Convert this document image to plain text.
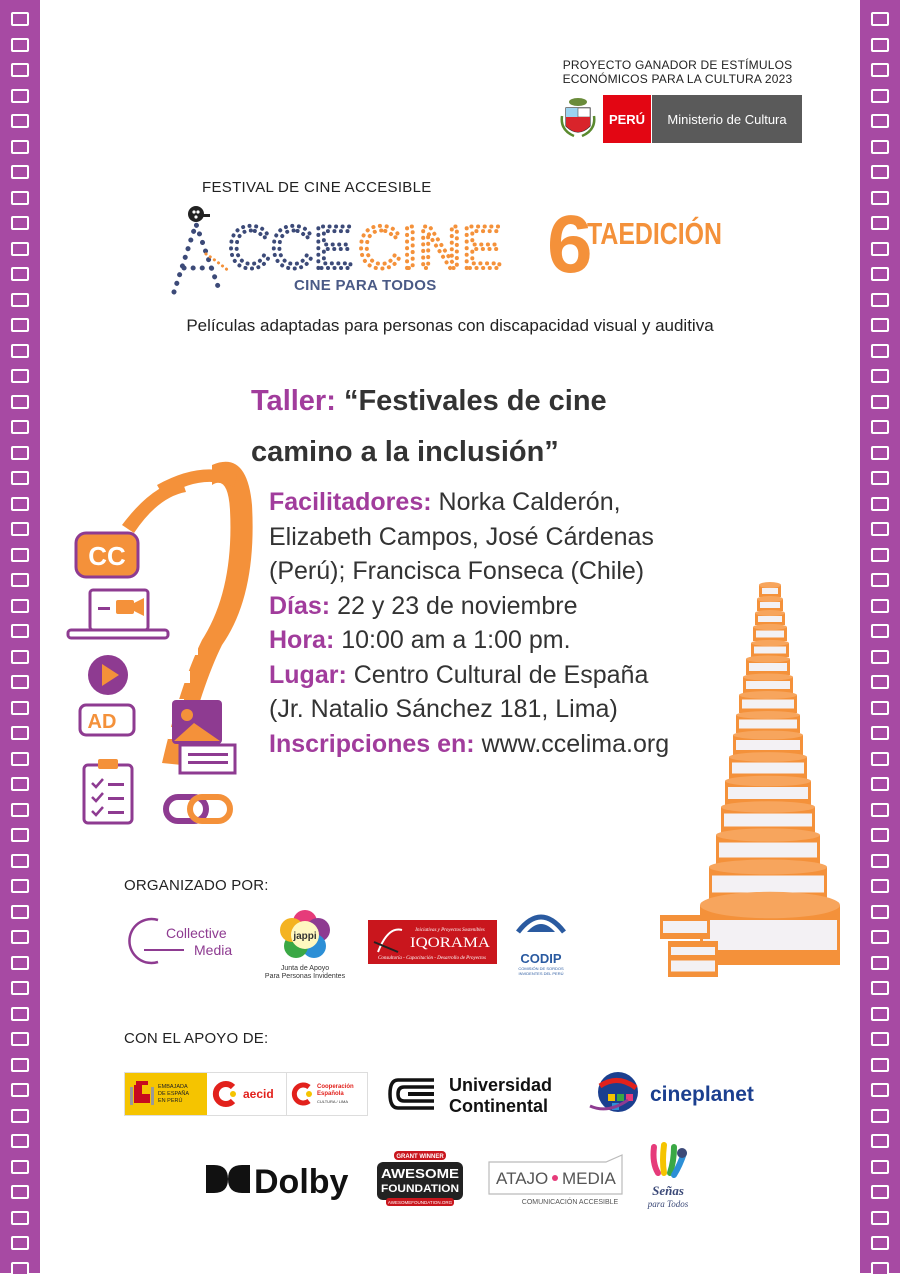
PROYECTO GANADOR DE ESTÍMULOS
ECONÓMICOS PARA LA CULTURA 2023
PERÚ	Ministerio de Cultura
FESTIVAL DE CINE ACCESIBLE
CCE CINE
CINE PARA TODOS 6
TAEDICIÓN
Películas adaptadas para personas con discapacidad visual y auditiva
Taller: “Festivales de cine
camino a la inclusión”
Facilitadores: Norka Calderón,
Elizabeth Campos, José Cárdenas
(Perú); Francisca Fonseca (Chile)
Días: 22 y 23 de noviembre
Hora: 10:00 am a 1:00 pm.
Lugar: Centro Cultural de España
(Jr. Natalio Sánchez 181, Lima)
Inscripciones en: www.ccelima.org
CC
AD
ORGANIZADO POR:
Collective
Media
jappi
Junta de Apoyo
Para Personas Invidentes
Iniciativas y Proyectos Sostenibles
IQORAMA
Consultoría - Capacitación - Desarrollo de Proyectos	CODIP
COMISIÓN DE SORDOS
INVIDENTES DEL PERÚ
CON EL APOYO DE:
EMBAJADA
DE ESPAÑA
EN PERÚ	aecid
Cooperación
Española
CULTURA / LIMA
Universidad
Continental	cineplanet
Dolby
GRANT WINNER
AWESOME
FOUNDATION
AWESOMEFOUNDATION.ORG
ATAJO MEDIA
COMUNICACIÓN ACCESIBLE
Señas
para Todos
